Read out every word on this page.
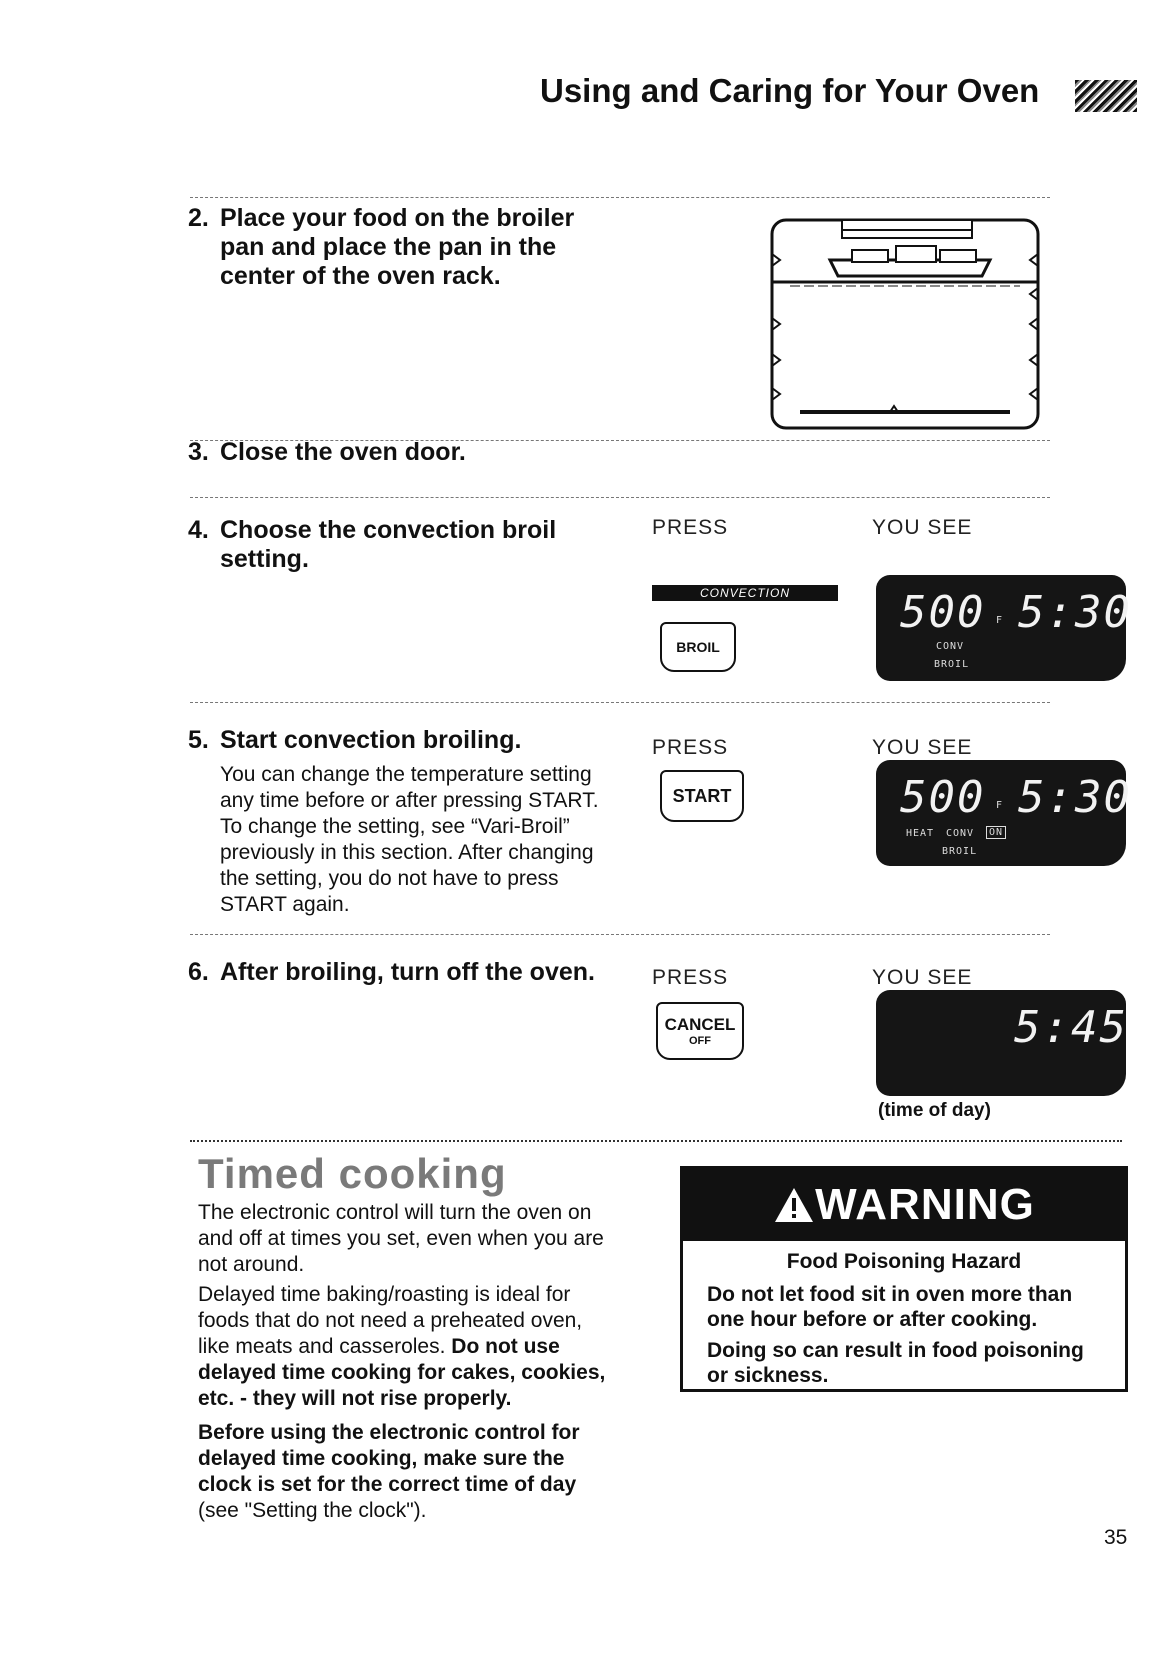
Using and Caring for Your Oven
2. Place your food on the broiler
pan and place the pan in the
center of the oven rack.
3. Close the oven door.
4. Choose the convection broil
setting.
PRESS	YOU SEE
CONVECTION
BROIL
500 F 5:30
CONV
BROIL
5. Start convection broiling.
You can change the temperature setting
any time before or after pressing START.
To change the setting, see “Vari-Broil”
previously in this section. After changing
the setting, you do not have to press
START again.
PRESS	YOU SEE
START	500 F 5:30
HEAT CONV	ON
BROIL
6. After broiling, turn off the oven.	PRESS	YOU SEE
CANCEL
OFF	5:45
(time of day)
Timed cooking
The electronic control will turn the oven on
and off at times you set, even when you are
not around.
Delayed time baking/roasting is ideal for
foods that do not need a preheated oven,
like meats and casseroles. Do not use
delayed time cooking for cakes, cookies,
etc. - they will not rise properly.
Before using the electronic control for
delayed time cooking, make sure the
clock is set for the correct time of day
(see "Setting the clock").
WARNING
Food Poisoning Hazard
Do not let food sit in oven more than
one hour before or after cooking.
Doing so can result in food poisoning
or sickness.
35
